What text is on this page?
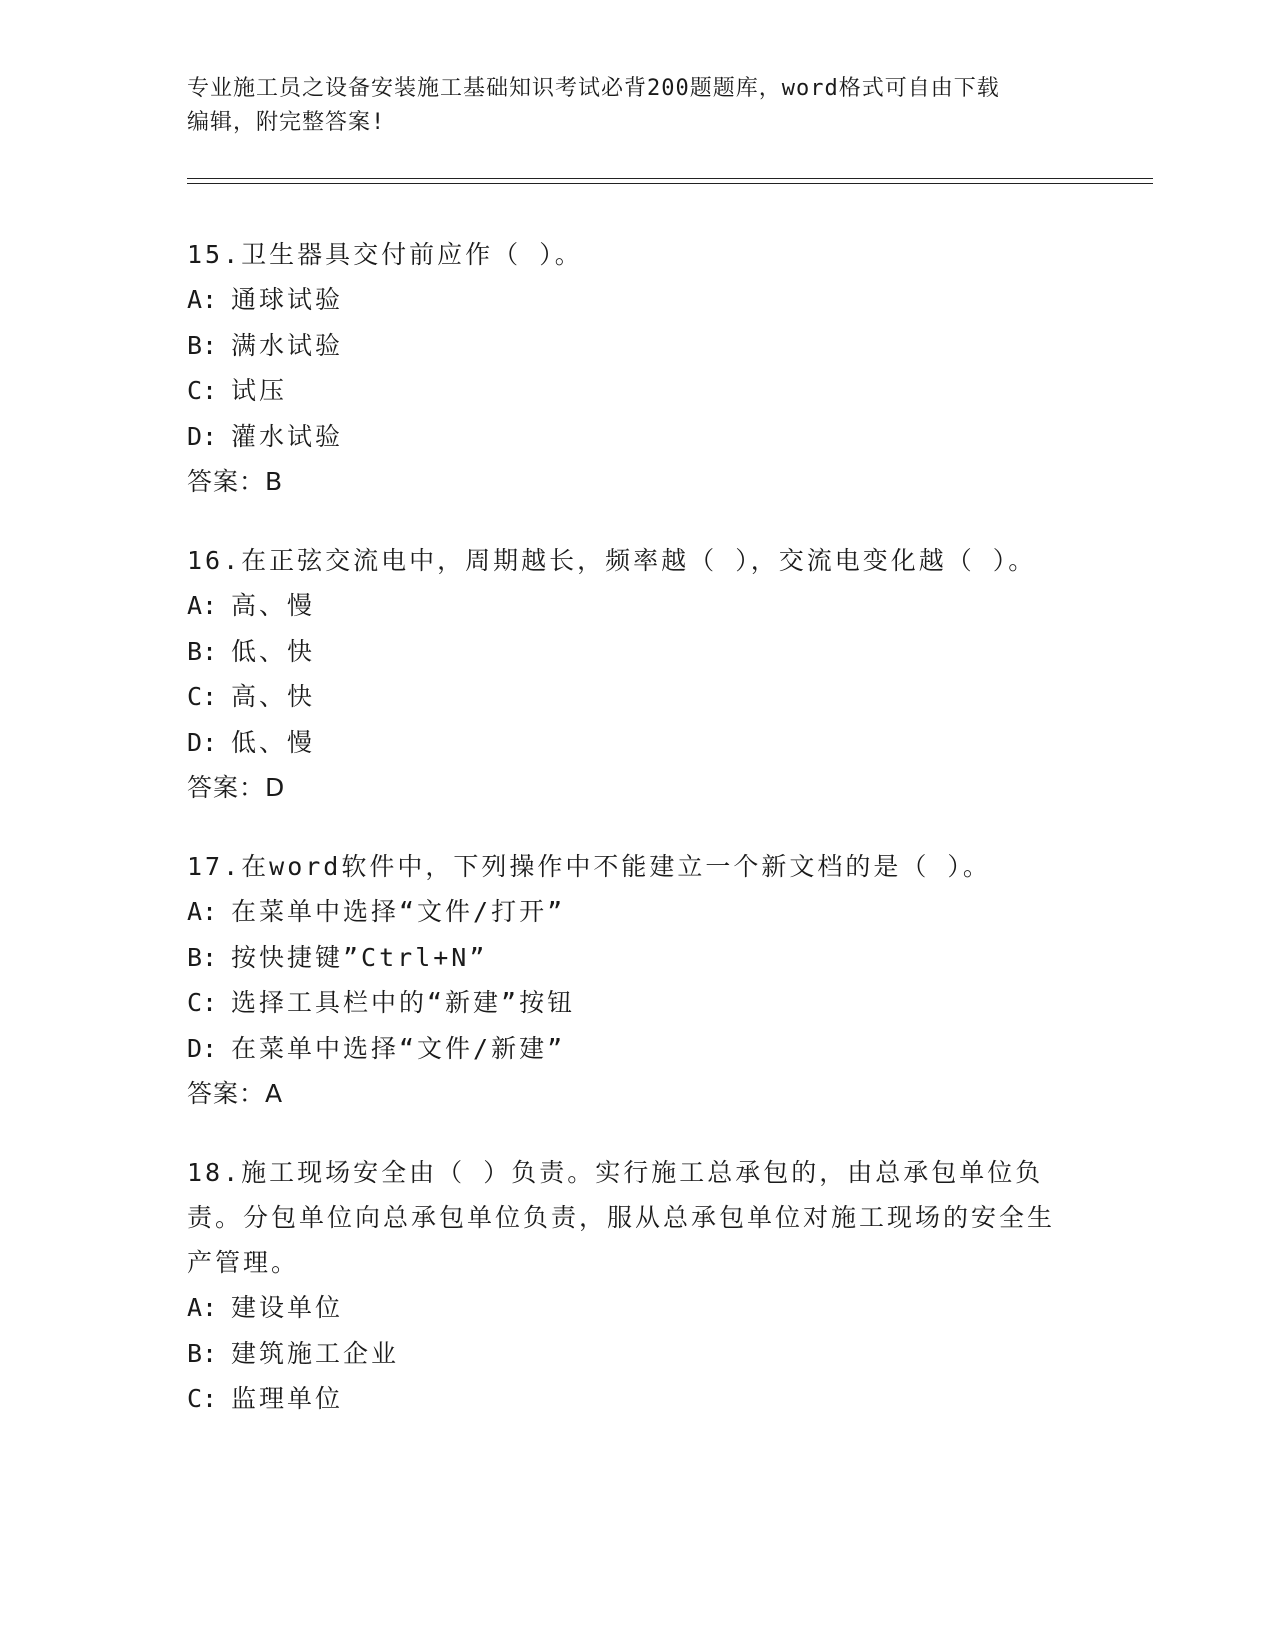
专业施工员之设备安装施工基础知识考试必背200题题库，word格式可自由下载
编辑，附完整答案!
15.卫生器具交付前应作（ ）。
A: 通球试验
B: 满水试验
C: 试压
D: 灌水试验
答案：B
16.在正弦交流电中，周期越长，频率越（ ），交流电变化越（ ）。
A: 高、慢
B: 低、快
C: 高、快
D: 低、慢
答案：D
17.在word软件中，下列操作中不能建立一个新文档的是（ ）。
A: 在菜单中选择“文件/打开”
B: 按快捷键”Ctrl+N”
C: 选择工具栏中的“新建”按钮
D: 在菜单中选择“文件/新建”
答案：A
18.施工现场安全由（ ）负责。实行施工总承包的，由总承包单位负责。分包单位向总承包单位负责，服从总承包单位对施工现场的安全生产管理。
A: 建设单位
B: 建筑施工企业
C: 监理单位
